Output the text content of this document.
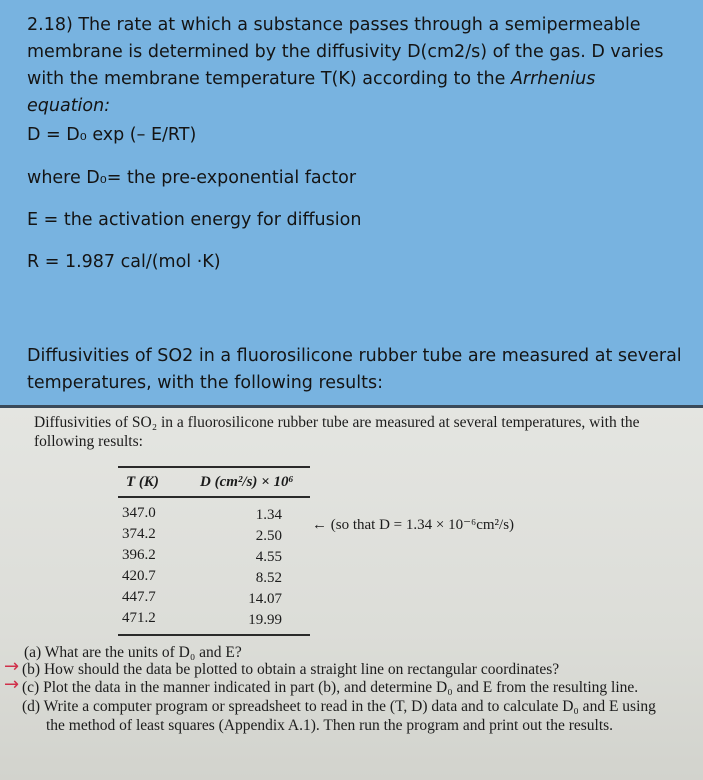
2.18) The rate at which a substance passes through a semipermeable membrane is determined by the diffusivity D(cm2/s) of the gas. D varies with the membrane temperature T(K) according to the Arrhenius equation:
D = D₀ exp (– E/RT)
where D₀= the pre-exponential factor
E = the activation energy for diffusion
R = 1.987 cal/(mol ·K)
Diffusivities of SO2 in a fluorosilicone rubber tube are measured at several temperatures, with the following results:
Diffusivities of SO₂ in a fluorosilicone rubber tube are measured at several temperatures, with the
following results:
T (K)	D (cm²/s) × 10⁶
347.0	1.34
374.2	2.50
396.2	4.55
420.7	8.52
447.7	14.07
471.2	19.99
← (so that D = 1.34 × 10⁻⁶cm²/s)
(a) What are the units of D₀ and E?
→ (b) How should the data be plotted to obtain a straight line on rectangular coordinates?
→ (c) Plot the data in the manner indicated in part (b), and determine D₀ and E from the resulting line.
(d) Write a computer program or spreadsheet to read in the (T, D) data and to calculate D₀ and E using
the method of least squares (Appendix A.1). Then run the program and print out the results.
